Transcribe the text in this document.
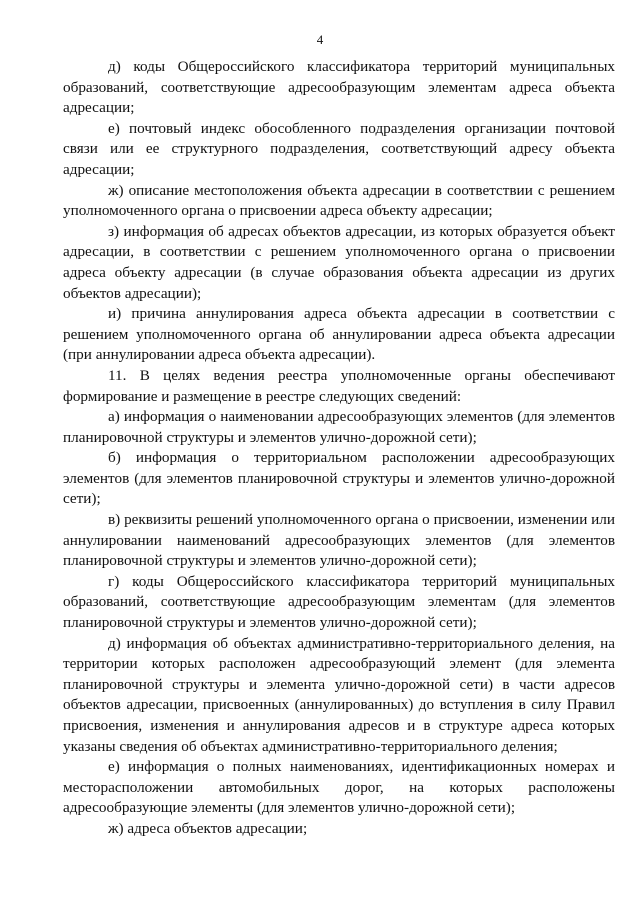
4

д) коды Общероссийского классификатора территорий муниципальных образований, соответствующие адресообразующим элементам адреса объекта адресации;

е) почтовый индекс обособленного подразделения организации почтовой связи или ее структурного подразделения, соответствующий адресу объекта адресации;

ж) описание местоположения объекта адресации в соответствии с решением уполномоченного органа о присвоении адреса объекту адресации;

з) информация об адресах объектов адресации, из которых образуется объект адресации, в соответствии с решением уполномоченного органа о присвоении адреса объекту адресации (в случае образования объекта адресации из других объектов адресации);

и) причина аннулирования адреса объекта адресации в соответствии с решением уполномоченного органа об аннулировании адреса объекта адресации (при аннулировании адреса объекта адресации).

11. В целях ведения реестра уполномоченные органы обеспечивают формирование и размещение в реестре следующих сведений:

а) информация о наименовании адресообразующих элементов (для элементов планировочной структуры и элементов улично-дорожной сети);

б) информация о территориальном расположении адресообразующих элементов (для элементов планировочной структуры и элементов улично-дорожной сети);

в) реквизиты решений уполномоченного органа о присвоении, изменении или аннулировании наименований адресообразующих элементов (для элементов планировочной структуры и элементов улично-дорожной сети);

г) коды Общероссийского классификатора территорий муниципальных образований, соответствующие адресообразующим элементам (для элементов планировочной структуры и элементов улично-дорожной сети);

д) информация об объектах административно-территориального деления, на территории которых расположен адресообразующий элемент (для элемента планировочной структуры и элемента улично-дорожной сети) в части адресов объектов адресации, присвоенных (аннулированных) до вступления в силу Правил присвоения, изменения и аннулирования адресов и в структуре адреса которых указаны сведения об объектах административно-территориального деления;

е) информация о полных наименованиях, идентификационных номерах и месторасположении автомобильных дорог, на которых расположены адресообразующие элементы (для элементов улично-дорожной сети);

ж) адреса объектов адресации;
